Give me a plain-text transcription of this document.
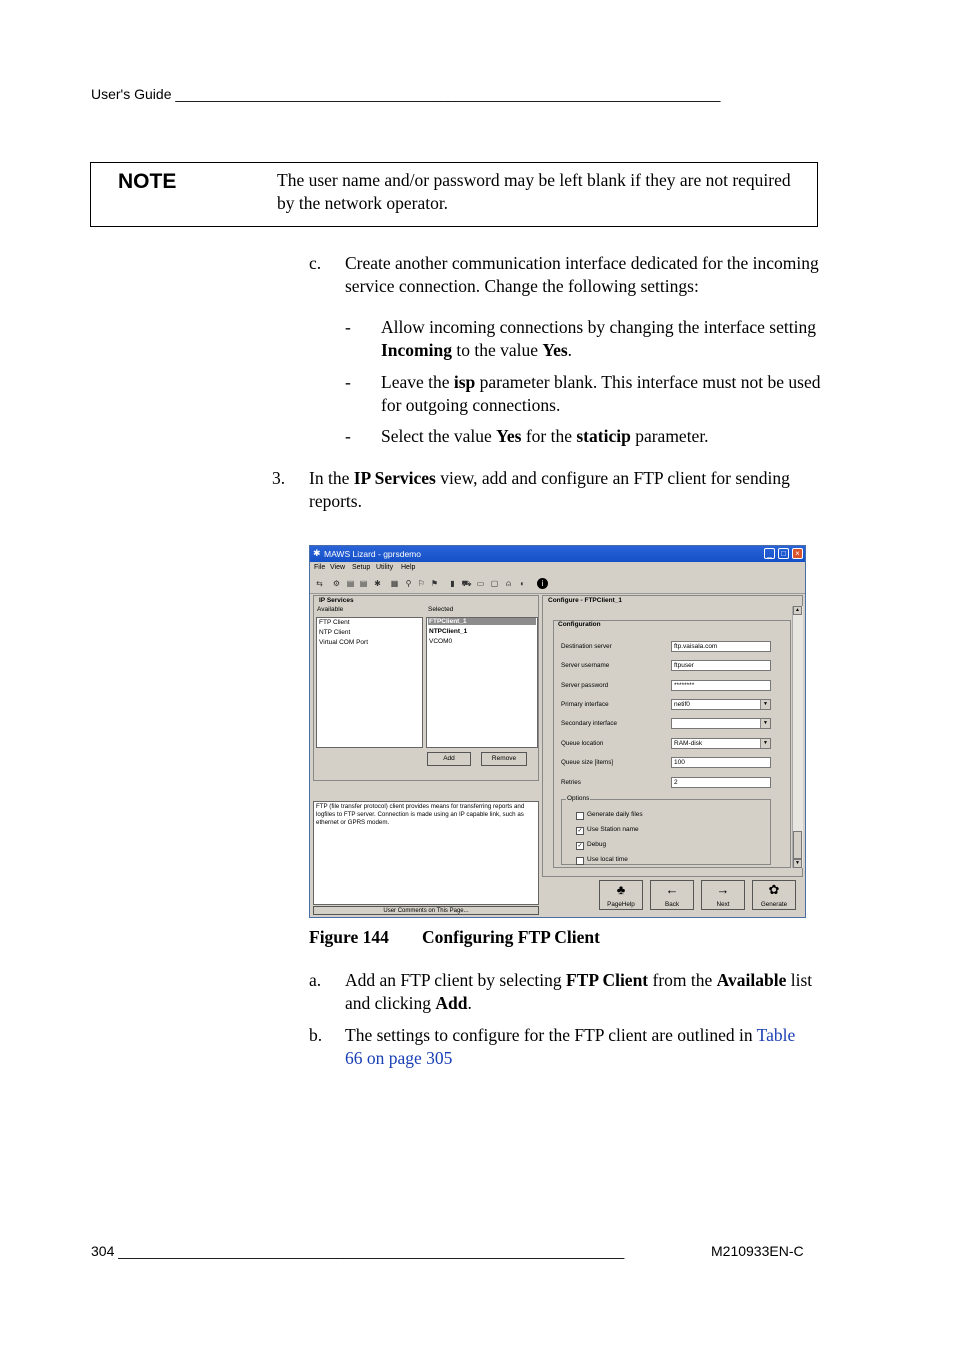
User's Guide ______________________________________________________________________
NOTE	The user name and/or password may be left blank if they are not required by the network operator.
c. Create another communication interface dedicated for the incoming service connection. Change the following settings:
- Allow incoming connections by changing the interface setting Incoming to the value Yes.
- Leave the isp parameter blank. This interface must not be used for outgoing connections.
- Select the value Yes for the staticip parameter.
3. In the IP Services view, add and configure an FTP client for sending reports.
✱ MAWS Lizard - gprsdemo	_	□	×
File View Setup Utility Help
⇆ ⚙ ▤ ▤ ✱ ▦ ⚲ ⚐ ⚑	▮ ⛟ ▭ ▢ ⍝	◐	i
IP Services
Available	Selected
FTP Client
NTP Client
Virtual COM Port
FTPClient_1
NTPClient_1
VCOM0
Add	Remove
FTP (file transfer protocol) client provides means for transferring reports and logfiles to FTP server. Connection is made using an IP capable link, such as ethernet or GPRS modem.
User Comments on This Page...
Configure - FTPClient_1
Configuration
Destination server	ftp.vaisala.com
Server username	ftpuser
Server password	********
Primary interface	netif0	▼
Secondary interface	▼
Queue location	RAM-disk	▼
Queue size [items]	100
Retries	2
Options
Generate daily files
✓ Use Station name
✓ Debug
Use local time
▲
▼
♣
PageHelp
←
Back
→
Next
✿
Generate
Figure 144 Configuring FTP Client
a. Add an FTP client by selecting FTP Client from the Available list and clicking Add.
b. The settings to configure for the FTP client are outlined in Table 66 on page 305
304 _________________________________________________________________	M210933EN-C
